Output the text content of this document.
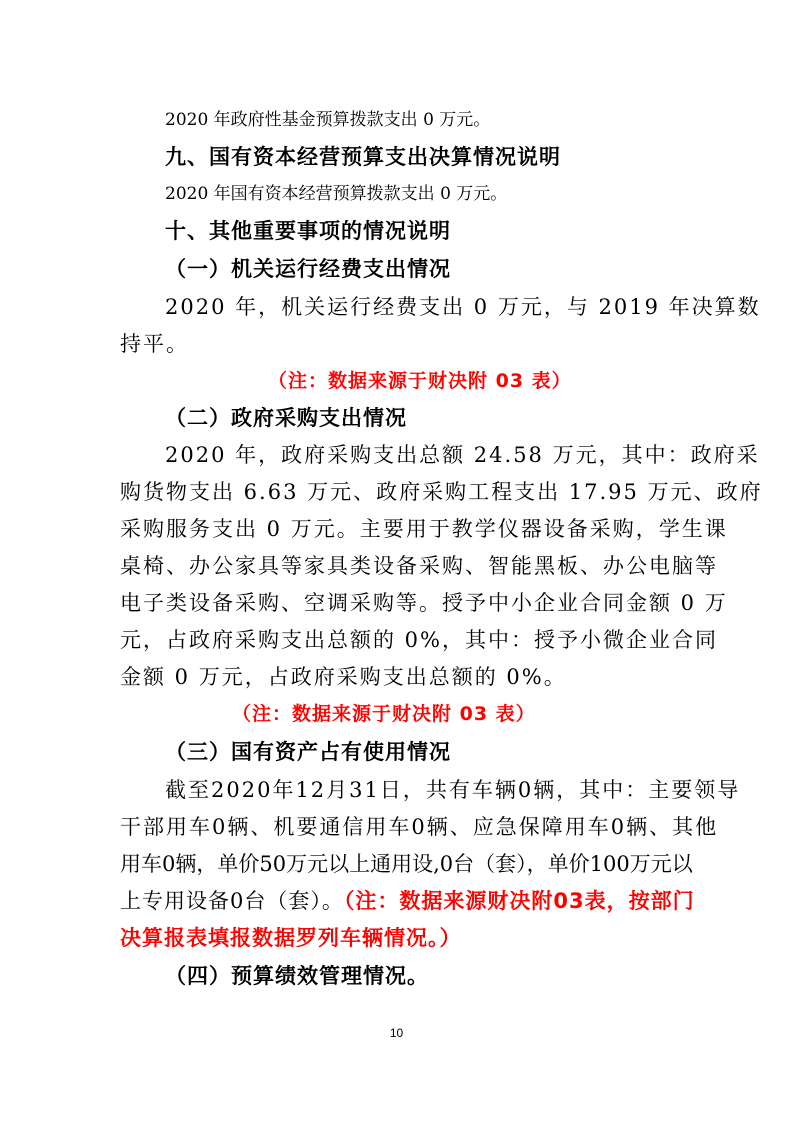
2020 年政府性基金预算拨款支出 0 万元。
九、国有资本经营预算支出决算情况说明
2020 年国有资本经营预算拨款支出 0 万元。
十、其他重要事项的情况说明
（一）机关运行经费支出情况
2020 年，机关运行经费支出 0 万元，与 2019 年决算数
持平。
（注：数据来源于财决附 03 表）
（二）政府采购支出情况
2020 年，政府采购支出总额 24.58 万元，其中：政府采
购货物支出 6.63 万元、政府采购工程支出 17.95 万元、政府
采购服务支出 0 万元。主要用于教学仪器设备采购，学生课
桌椅、办公家具等家具类设备采购、智能黑板、办公电脑等
电子类设备采购、空调采购等。授予中小企业合同金额 0 万
元，占政府采购支出总额的 0%，其中：授予小微企业合同
金额 0 万元，占政府采购支出总额的 0%。
（注：数据来源于财决附 03 表）
（三）国有资产占有使用情况
截至2020年12月31日，共有车辆0辆，其中：主要领导
干部用车0辆、机要通信用车0辆、应急保障用车0辆、其他
用车0辆，单价50万元以上通用设,0台（套），单价100万元以
上专用设备0台（套）。（注：数据来源财决附03表，按部门
决算报表填报数据罗列车辆情况。）
（四）预算绩效管理情况。
10
